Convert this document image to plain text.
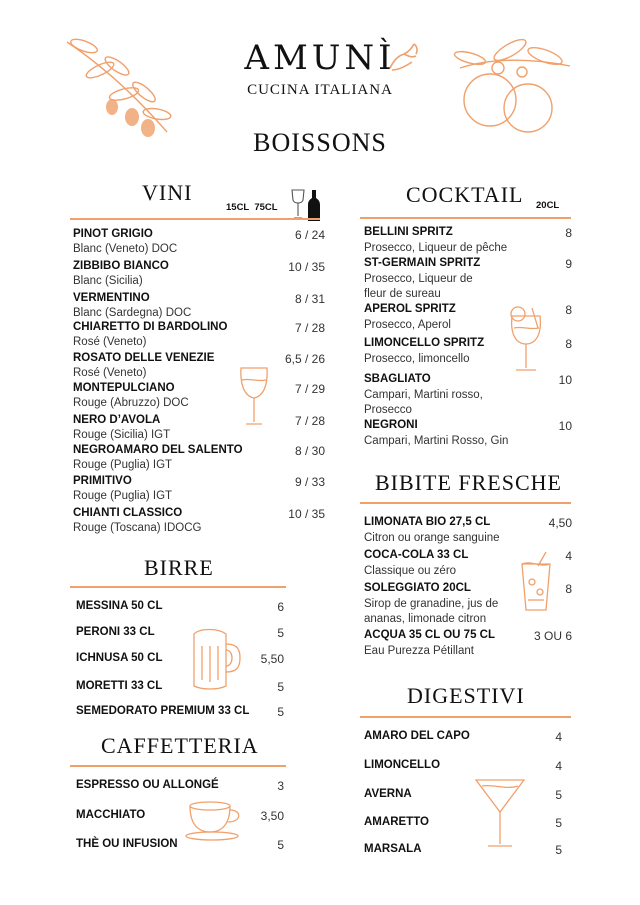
AMUNÌ
CUCINA ITALIANA
BOISSONS
VINI
15CL  75CL
PINOT GRIGIO	6 / 24
Blanc (Veneto) DOC
ZIBBIBO BIANCO	10 / 35
Blanc (Sicilia)
VERMENTINO	8 / 31
Blanc (Sardegna) DOC
CHIARETTO DI BARDOLINO	7 / 28
Rosé (Veneto)
ROSATO DELLE VENEZIE	6,5 / 26
Rosé (Veneto)
MONTEPULCIANO	7 / 29
Rouge (Abruzzo) DOC
NERO D’AVOLA	7 / 28
Rouge (Sicilia) IGT
NEGROAMARO DEL SALENTO	8 / 30
Rouge (Puglia) IGT
PRIMITIVO	9 / 33
Rouge (Puglia) IGT
CHIANTI CLASSICO	10 / 35
Rouge (Toscana) IDOCG
BIRRE
MESSINA 50 CL	6
PERONI 33 CL	5
ICHNUSA 50 CL	5,50
MORETTI 33 CL	5
SEMEDORATO PREMIUM 33 CL 5
CAFFETTERIA
ESPRESSO OU ALLONGÉ	3
MACCHIATO	3,50
THÈ OU INFUSION	5
COCKTAIL 20CL
BELLINI SPRITZ	8
Prosecco, Liqueur de pêche
ST-GERMAIN SPRITZ	9
Prosecco, Liqueur de
fleur de sureau
APEROL SPRITZ	8
Prosecco, Aperol
LIMONCELLO SPRITZ	8
Prosecco, limoncello
SBAGLIATO	10
Campari, Martini rosso,
Prosecco
NEGRONI	10
Campari, Martini Rosso, Gin
BIBITE FRESCHE
LIMONATA BIO 27,5 CL	4,50
Citron ou orange sanguine
COCA-COLA 33 CL	4
Classique ou zéro
SOLEGGIATO 20CL	8
Sirop de granadine, jus de
ananas, limonade citron
ACQUA 35 CL OU 75 CL	3 OU 6
Eau Purezza Pétillant
DIGESTIVI
AMARO DEL CAPO	4
LIMONCELLO	4
AVERNA	5
AMARETTO	5
MARSALA	5
